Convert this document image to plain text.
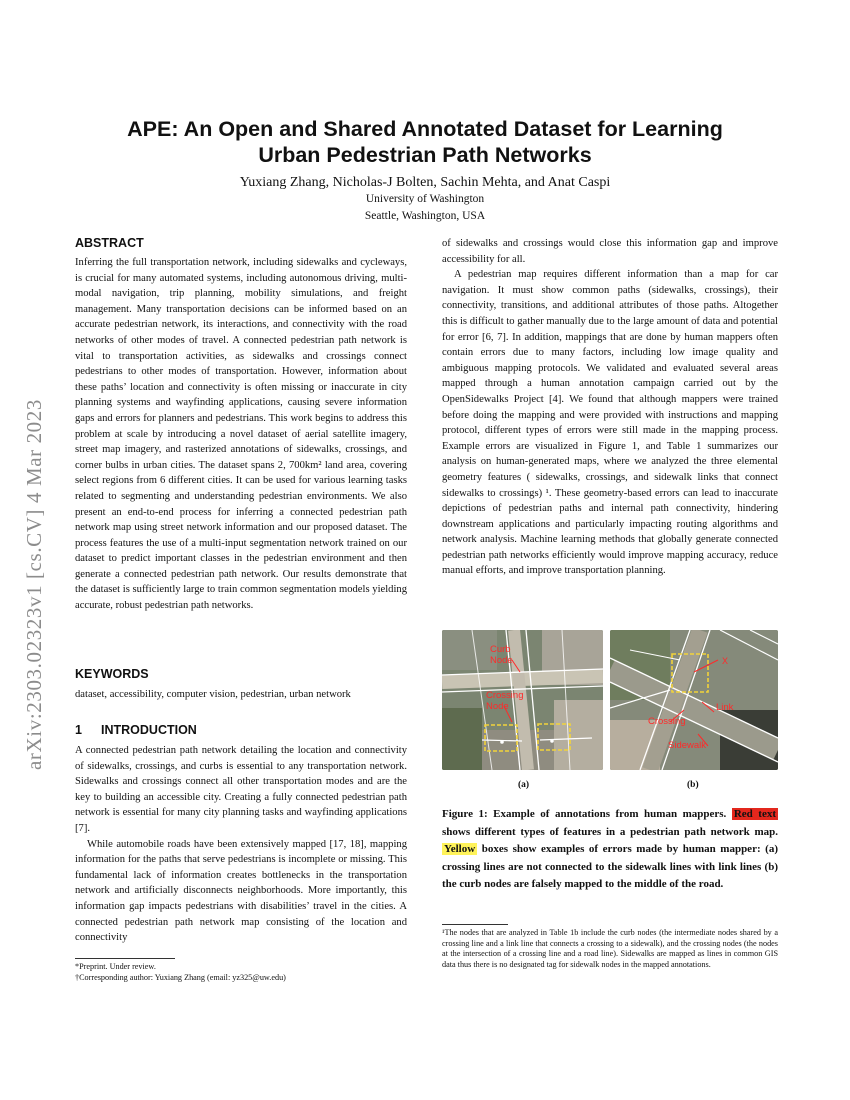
arXiv:2303.02323v1 [cs.CV] 4 Mar 2023
APE: An Open and Shared Annotated Dataset for Learning
Urban Pedestrian Path Networks
Yuxiang Zhang, Nicholas-J Bolten, Sachin Mehta, and Anat Caspi
University of Washington
Seattle, Washington, USA
ABSTRACT

Inferring the full transportation network, including sidewalks and cycleways, is crucial for many automated systems, including autonomous driving, multi-modal navigation, trip planning, mobility simulations, and freight management. Many transportation decisions can be informed based on an accurate pedestrian network, its interactions, and connectivity with the road networks of other modes of travel. A connected pedestrian path network is vital to transportation activities, as sidewalks and crossings connect pedestrians to other modes of transportation. However, information about these paths’ location and connectivity is often missing or inaccurate in city planning systems and wayfinding applications, causing severe information gaps and errors for planners and pedestrians. This work begins to address this problem at scale by introducing a novel dataset of aerial satellite imagery, street map imagery, and rasterized annotations of sidewalks, crossings, and corner bulbs in urban cities. The dataset spans 2, 700km² land area, covering select regions from 6 different cities. It can be used for various learning tasks related to segmenting and understanding pedestrian environments. We also present an end-to-end process for inferring a connected pedestrian path network map using street network information and our proposed dataset. The process features the use of a multi-input segmentation network trained on our dataset to predict important classes in the pedestrian environment and then generate a connected pedestrian path network. Our results demonstrate that the dataset is sufficiently large to train common segmentation models yielding accurate, robust pedestrian path networks.

KEYWORDS

dataset, accessibility, computer vision, pedestrian, urban network

1 INTRODUCTION

A connected pedestrian path network detailing the location and connectivity of sidewalks, crossings, and curbs is essential to any transportation network. Sidewalks and crossings connect all other transportation modes and are the key to building an accessible city. Creating a fully connected pedestrian path network is essential for many city planning tasks and wayfinding applications [7].

While automobile roads have been extensively mapped [17, 18], mapping information for the paths that serve pedestrians is incomplete or missing. This fundamental lack of information creates bottlenecks in the transportation network and artificially disconnects neighborhoods. More importantly, this information gap impacts pedestrians with disabilities’ travel in the cities. A connected pedestrian path network map consisting of the location and connectivity

*Preprint. Under review.
†Corresponding author: Yuxiang Zhang (email: yz325@uw.edu)

of sidewalks and crossings would close this information gap and improve accessibility for all.

A pedestrian map requires different information than a map for car navigation. It must show common paths (sidewalks, crossings), their connectivity, transitions, and additional attributes of those paths. Altogether this is difficult to gather manually due to the large amount of data and potential for error [6, 7]. In addition, mappings that are done by human mappers often contain errors due to many factors, including low image quality and ambiguous mapping protocols. We validated and evaluated several areas mapped through a human annotation campaign carried out by the OpenSidewalks Project [4]. We found that although mappers were trained before doing the mapping and were provided with instructions and mapping protocol, different types of errors were still made in the mapping process. Example errors are visualized in Figure 1, and Table 1 summarizes our analysis on human-generated maps, where we analyzed the three elemental geometry features ( sidewalks, crossings, and sidewalk links that connect sidewalks to crossings) ¹. These geometry-based errors can lead to inaccurate depictions of pedestrian paths and internal path connectivity, hindering downstream applications and particularly impacting routing algorithms and network analysis. Machine learning methods that globally generate connected pedestrian path networks efficiently would improve mapping accuracy, reduce manual efforts, and improve transportation planning.

Curb Node
Crossing Node
(a)
X
Link
Crossing
Sidewalk
(b)
Figure 1: Example of annotations from human mappers. Red text shows different types of features in a pedestrian path network map. Yellow boxes show examples of errors made by human mapper: (a) crossing lines are not connected to the sidewalk lines with link lines (b) the curb nodes are falsely mapped to the middle of the road.
¹The nodes that are analyzed in Table 1b include the curb nodes (the intermediate nodes shared by a crossing line and a link line that connects a crossing to a sidewalk), and the crossing nodes (the nodes at the intersection of a crossing line and a road line). Sidewalks are mapped as lines in common GIS data thus there is no designated tag for sidewalk nodes in the mapped annotations.
